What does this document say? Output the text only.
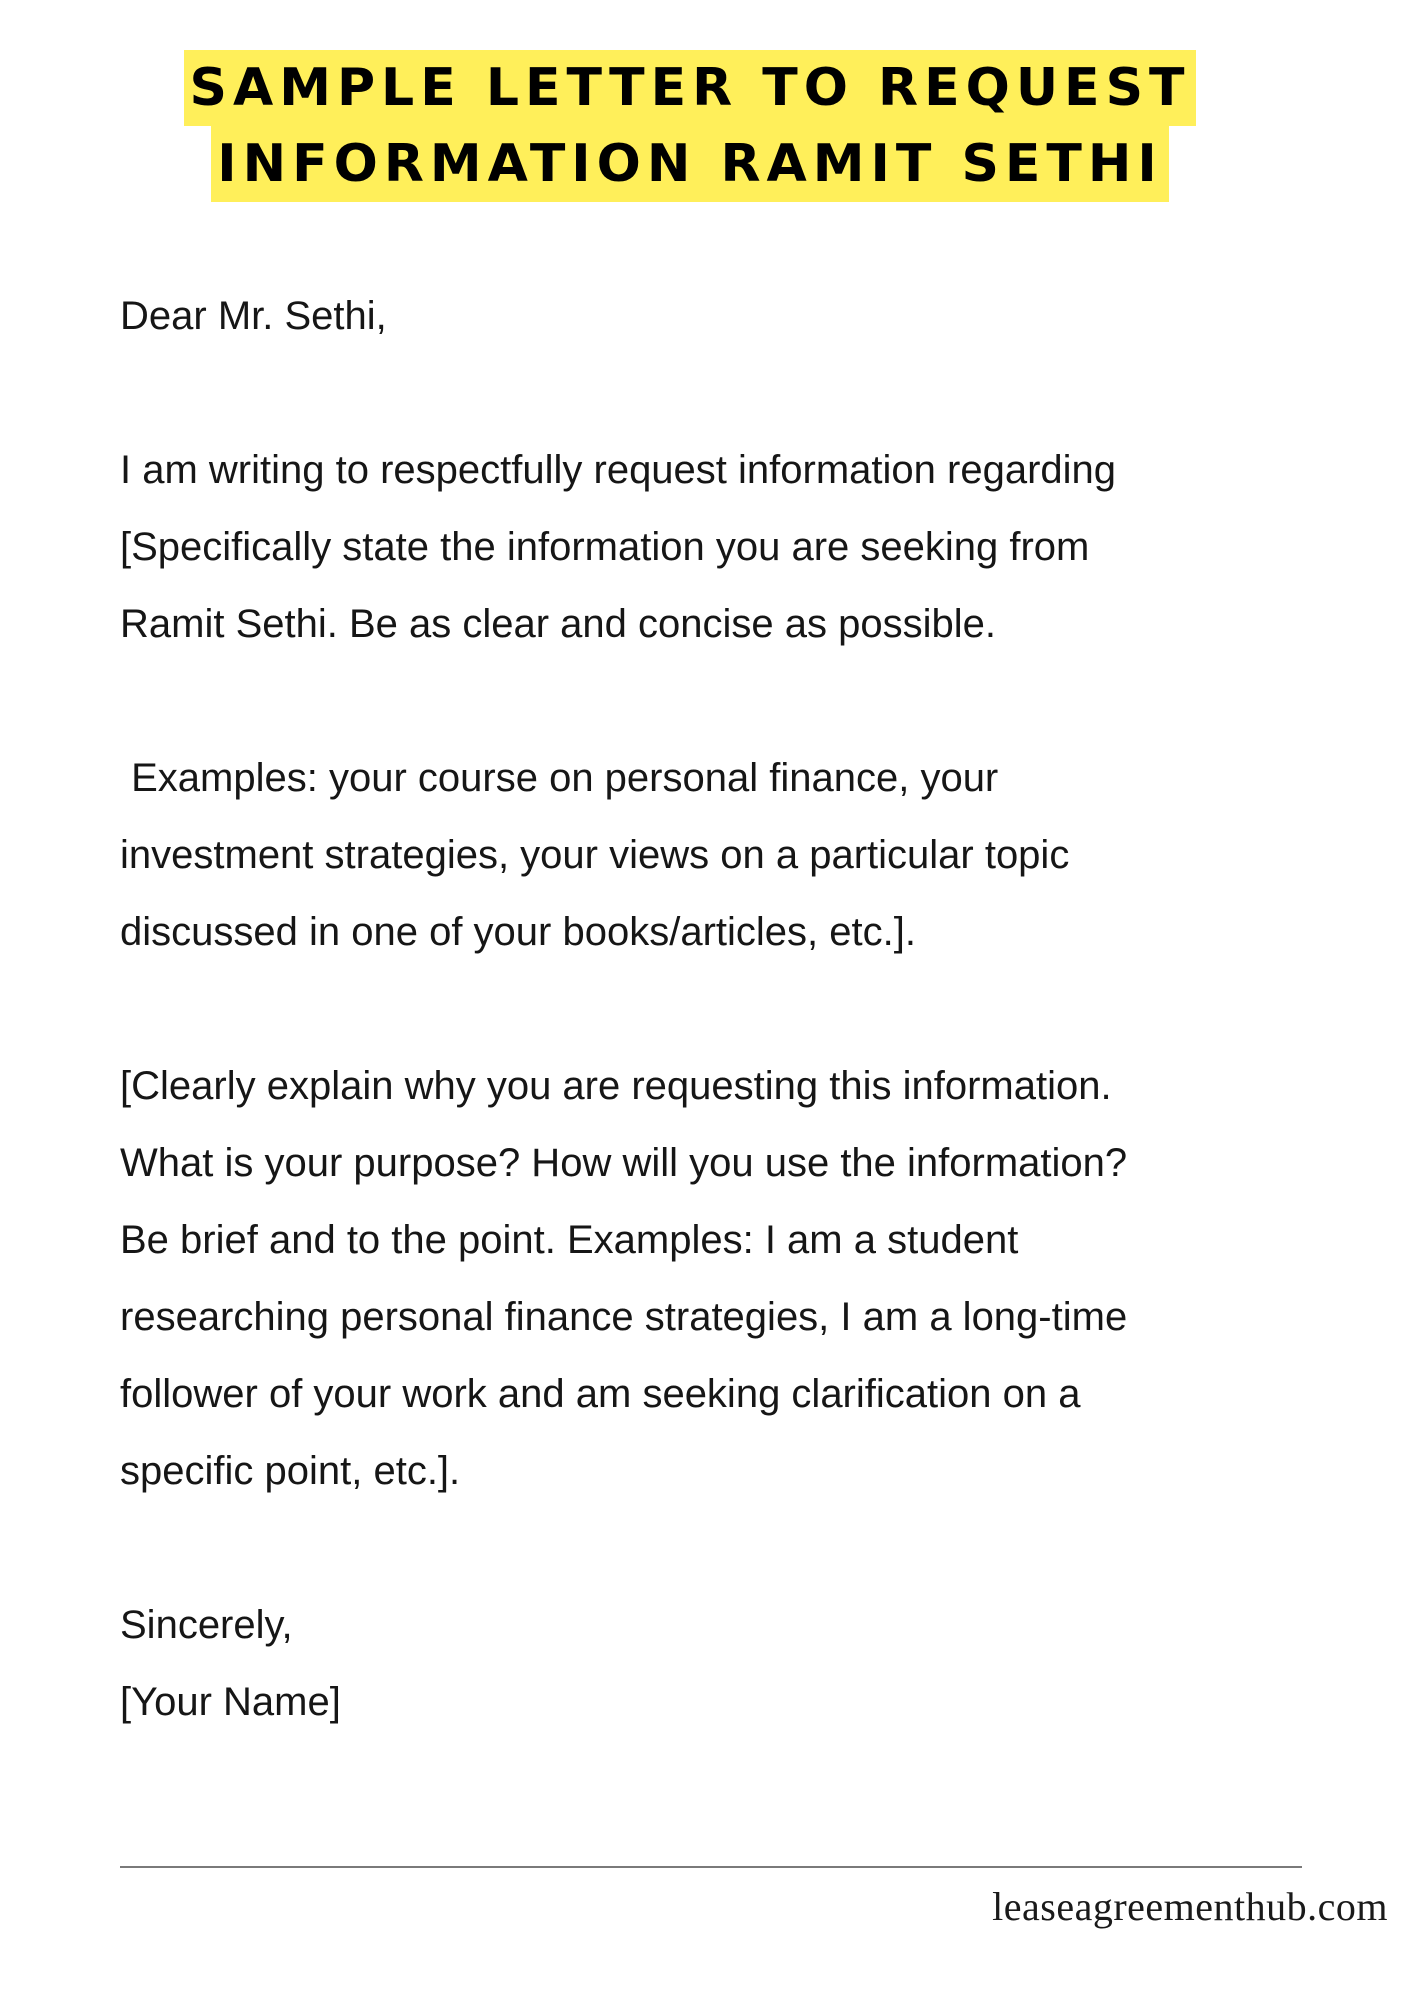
SAMPLE LETTER TO REQUEST
INFORMATION RAMIT SETHI

Dear Mr. Sethi,

I am writing to respectfully request information regarding

[Specifically state the information you are seeking from

Ramit Sethi. Be as clear and concise as possible.

Examples: your course on personal finance, your

investment strategies, your views on a particular topic

discussed in one of your books/articles, etc.].

[Clearly explain why you are requesting this information.

What is your purpose? How will you use the information?

Be brief and to the point. Examples: I am a student

researching personal finance strategies, I am a long-time

follower of your work and am seeking clarification on a

specific point, etc.].

Sincerely,

[Your Name]

leaseagreementhub.com
